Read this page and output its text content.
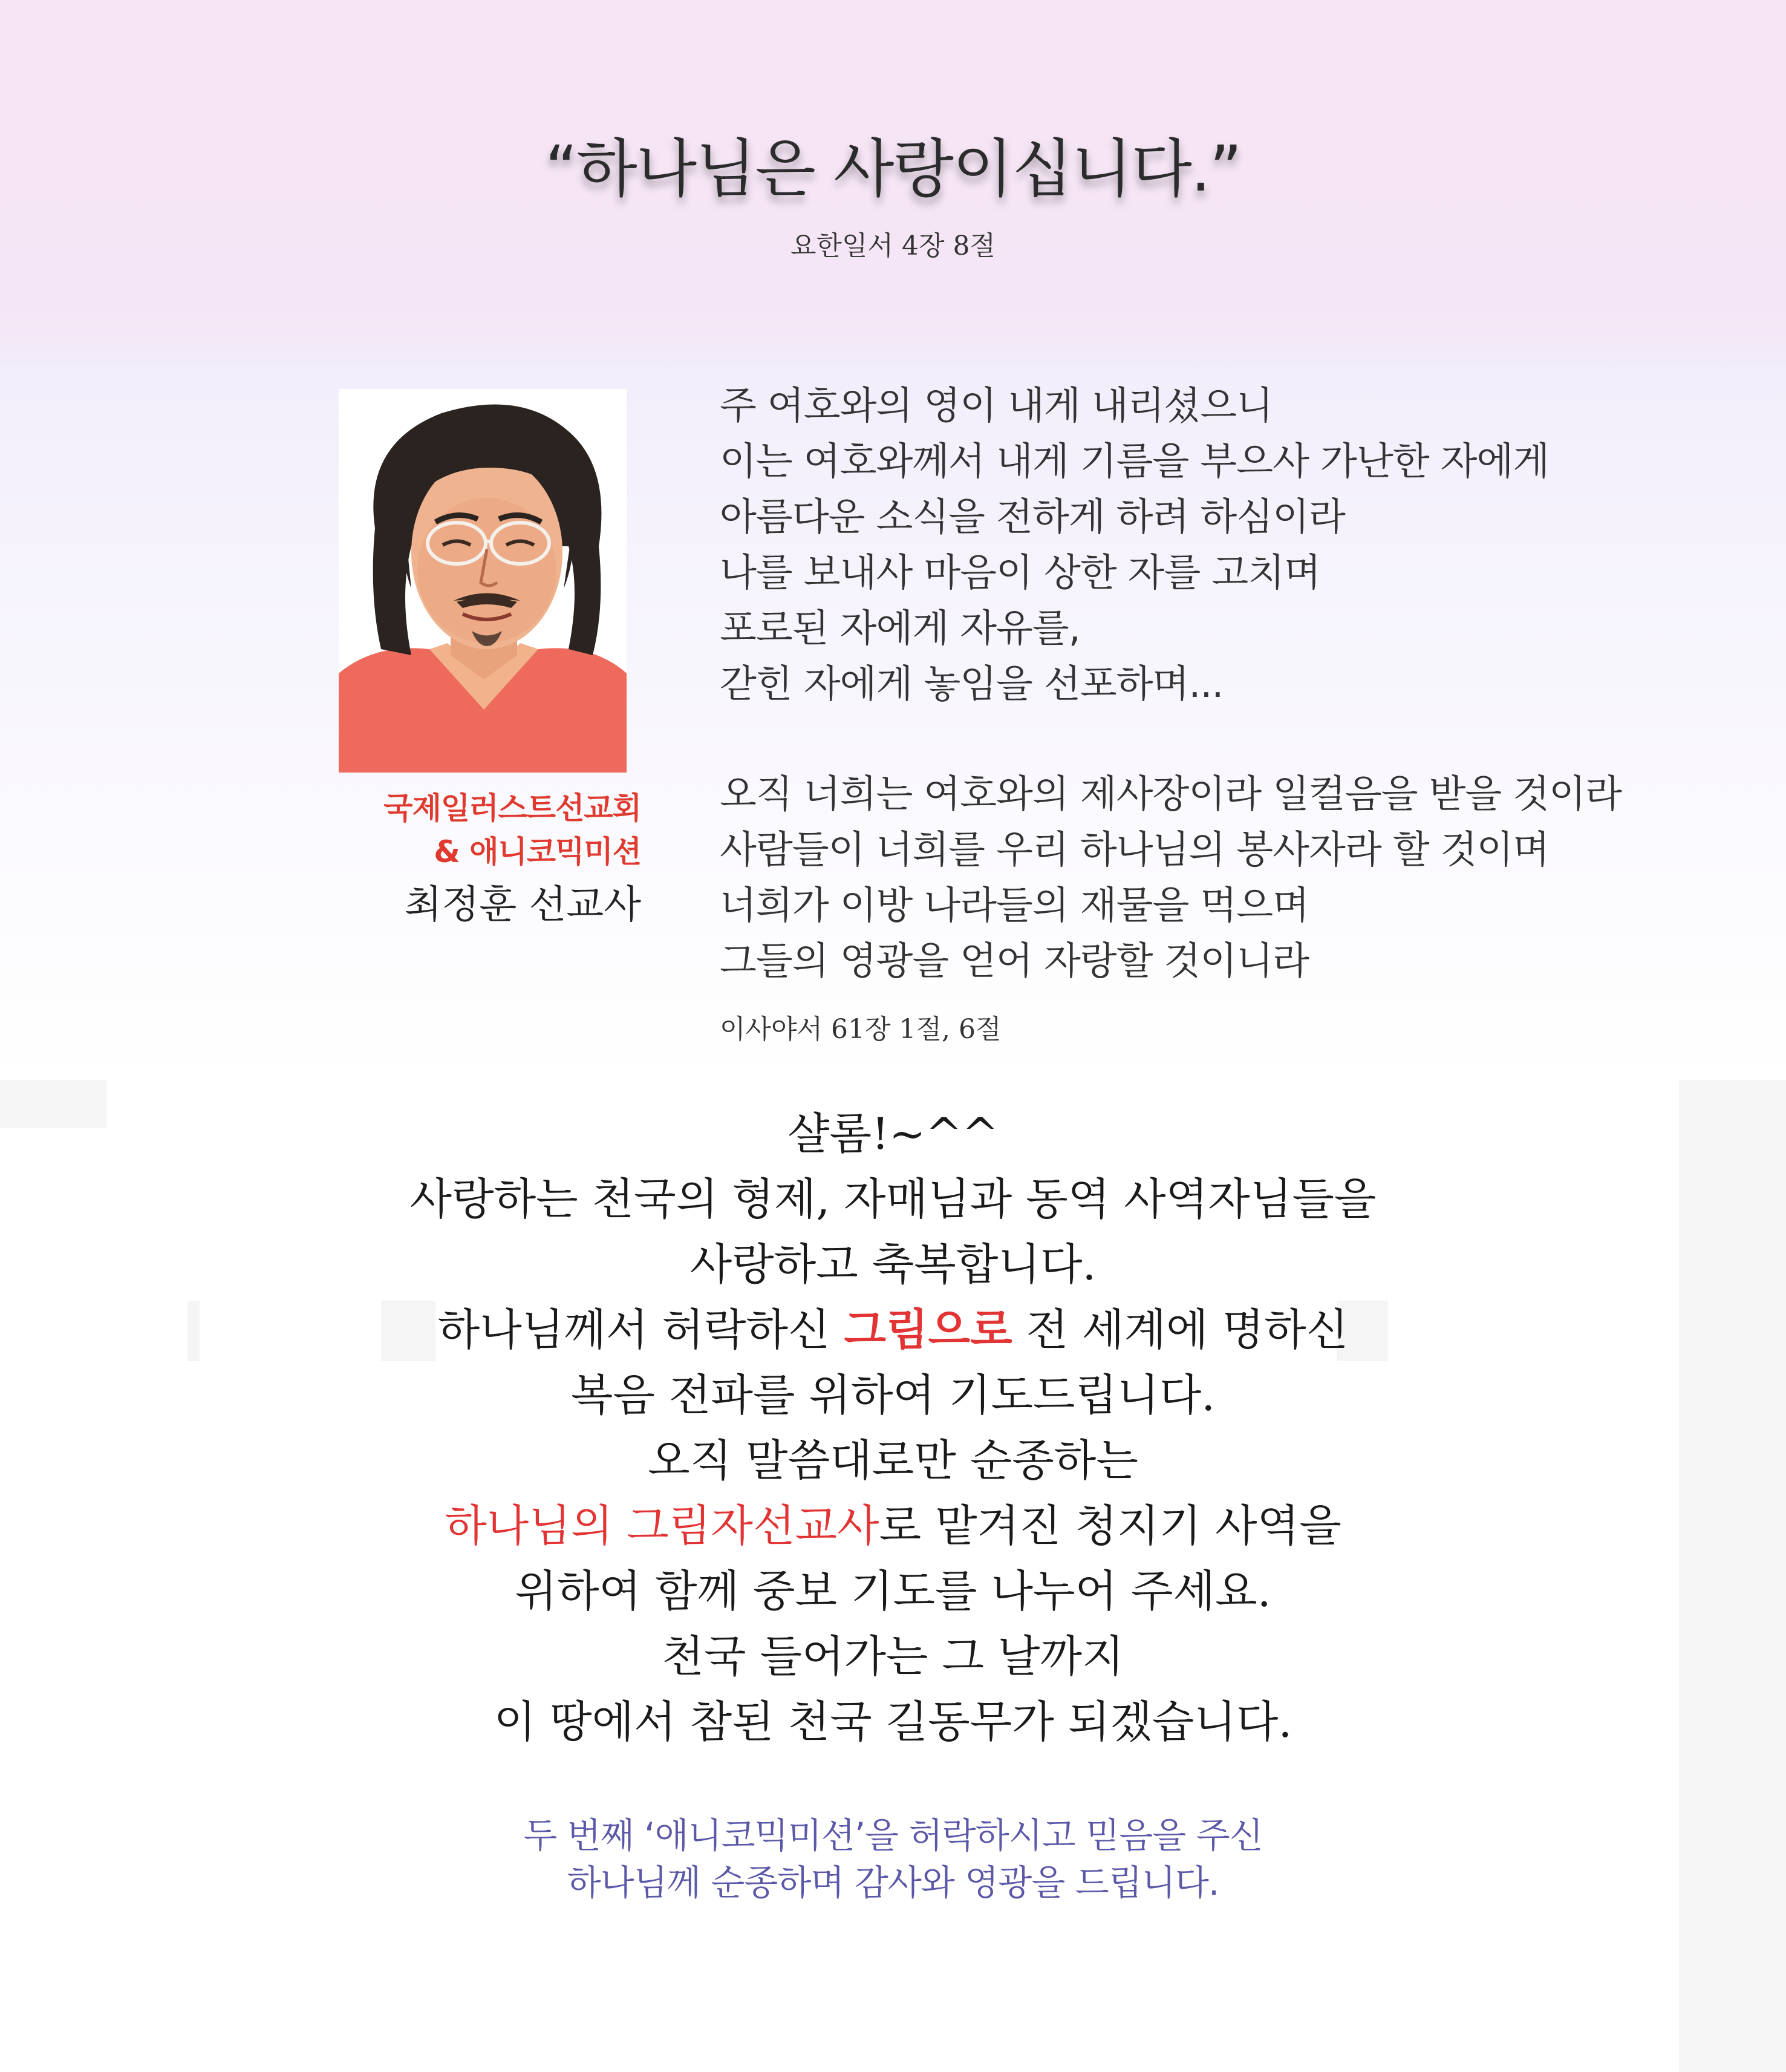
“하나님은 사랑이십니다.”
요한일서 4장 8절
국제일러스트선교회
& 애니코믹미션
최정훈 선교사
주 여호와의 영이 내게 내리셨으니
이는 여호와께서 내게 기름을 부으사 가난한 자에게
아름다운 소식을 전하게 하려 하심이라
나를 보내사 마음이 상한 자를 고치며
포로된 자에게 자유를,
갇힌 자에게 놓임을 선포하며...
오직 너희는 여호와의 제사장이라 일컬음을 받을 것이라
사람들이 너희를 우리 하나님의 봉사자라 할 것이며
너희가 이방 나라들의 재물을 먹으며
그들의 영광을 얻어 자랑할 것이니라
이사야서 61장 1절, 6절
샬롬!~^^
사랑하는 천국의 형제, 자매님과 동역 사역자님들을
사랑하고 축복합니다.
하나님께서 허락하신 그림으로 전 세계에 명하신
복음 전파를 위하여 기도드립니다.
오직 말씀대로만 순종하는
하나님의 그림자선교사로 맡겨진 청지기 사역을
위하여 함께 중보 기도를 나누어 주세요.
천국 들어가는 그 날까지
이 땅에서 참된 천국 길동무가 되겠습니다.
두 번째 ‘애니코믹미션’을 허락하시고 믿음을 주신
하나님께 순종하며 감사와 영광을 드립니다.
